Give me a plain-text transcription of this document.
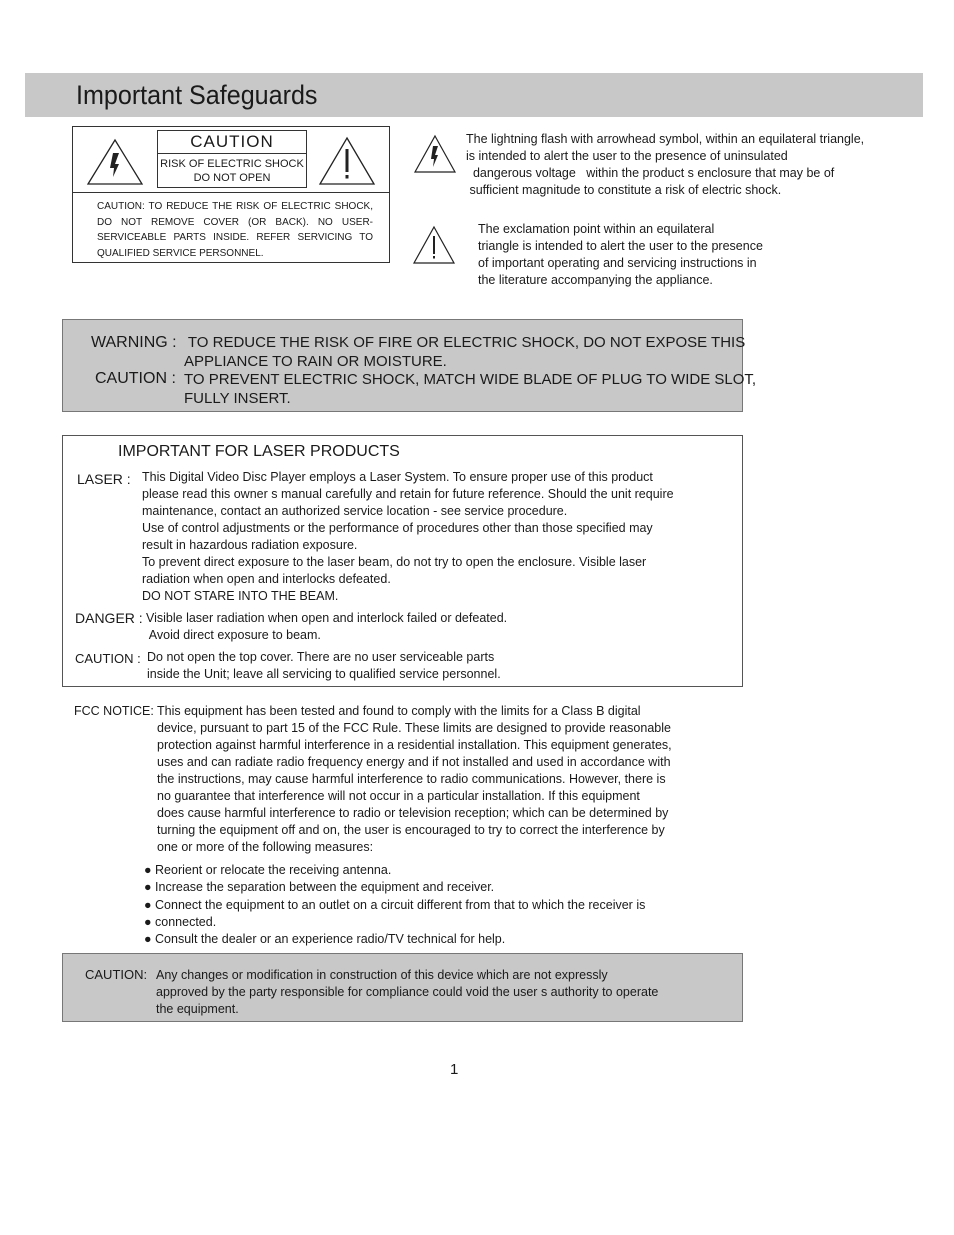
Important Safeguards
CAUTION
RISK OF ELECTRIC SHOCK
DO NOT OPEN
CAUTION: TO REDUCE THE RISK OF ELECTRIC SHOCK, DO NOT REMOVE COVER (OR BACK). NO USER-SERVICEABLE PARTS INSIDE. REFER SERVICING TO QUALIFIED SERVICE PERSONNEL.
The lightning flash with arrowhead symbol, within an equilateral triangle,
is intended to alert the user to the presence of uninsulated
dangerous voltage   within the product s enclosure that may be of
sufficient magnitude to constitute a risk of electric shock.
The exclamation point within an equilateral
triangle is intended to alert the user to the presence
of important operating and servicing instructions in
the literature accompanying the appliance.
WARNING : TO REDUCE THE RISK OF FIRE OR ELECTRIC SHOCK, DO NOT EXPOSE THIS
APPLIANCE TO RAIN OR MOISTURE.
CAUTION : TO PREVENT ELECTRIC SHOCK, MATCH WIDE BLADE OF PLUG TO WIDE SLOT,
FULLY INSERT.
IMPORTANT FOR LASER PRODUCTS
LASER : This Digital Video Disc Player employs a Laser System. To ensure proper use of this product
please read this owner s manual carefully and retain for future reference. Should the unit require
maintenance, contact an authorized service location - see service procedure.
Use of control adjustments or the performance of procedures other than those specified may
result in hazardous radiation exposure.
To prevent direct exposure to the laser beam, do not try to open the enclosure. Visible laser
radiation when open and interlocks defeated.
DO NOT STARE INTO THE BEAM.
DANGER : Visible laser radiation when open and interlock failed or defeated.
Avoid direct exposure to beam.
CAUTION : Do not open the top cover. There are no user serviceable parts
inside the Unit; leave all servicing to qualified service personnel.
FCC NOTICE: This equipment has been tested and found to comply with the limits for a Class B digital
device, pursuant to part 15 of the FCC Rule. These limits are designed to provide reasonable
protection against harmful interference in a residential installation. This equipment generates,
uses and can radiate radio frequency energy and if not installed and used in accordance with
the instructions, may cause harmful interference to radio communications. However, there is
no guarantee that interference will not occur in a particular installation. If this equipment
does cause harmful interference to radio or television reception; which can be determined by
turning the equipment off and on, the user is encouraged to try to correct the interference by
one or more of the following measures:
● Reorient or relocate the receiving antenna.
● Increase the separation between the equipment and receiver.
● Connect the equipment to an outlet on a circuit different from that to which the receiver is
● connected.
● Consult the dealer or an experience radio/TV technical for help.
CAUTION: Any changes or modification in construction of this device which are not expressly
approved by the party responsible for compliance could void the user s authority to operate
the equipment.
1
